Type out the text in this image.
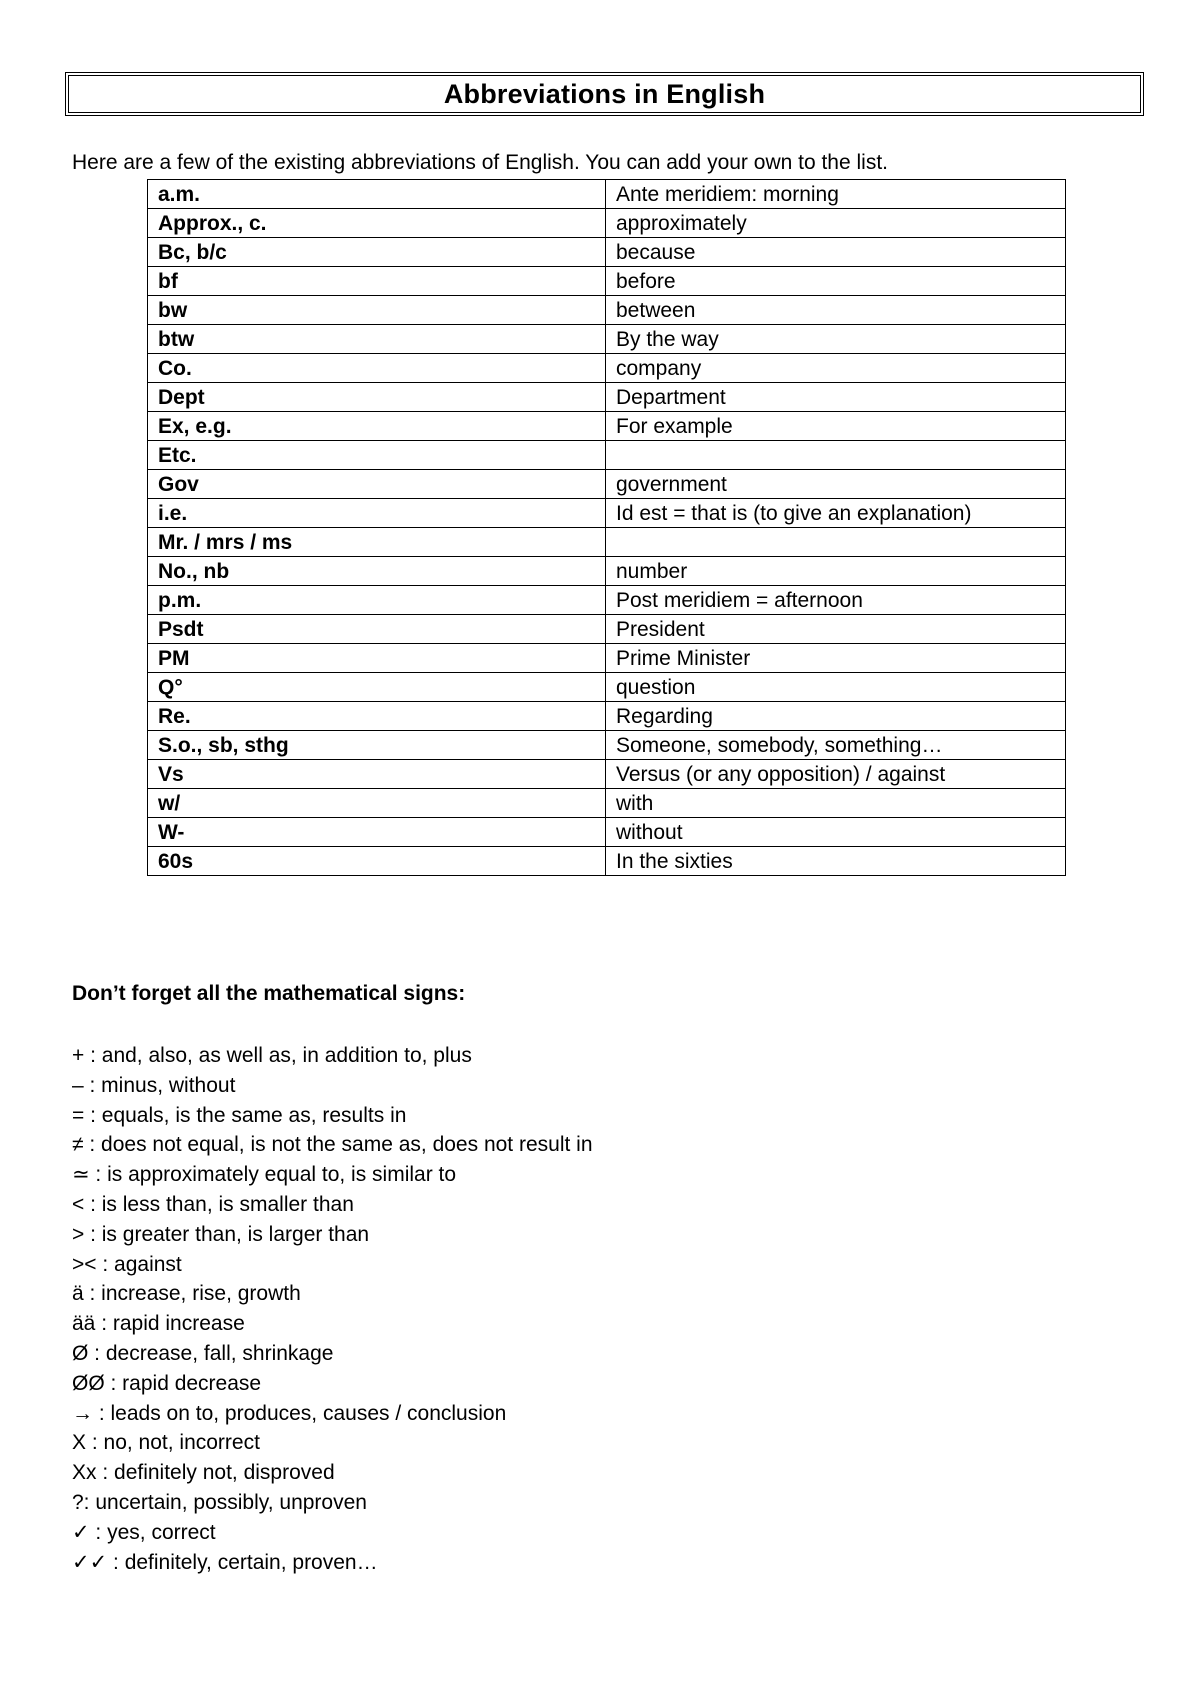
Abbreviations in English
Here are a few of the existing abbreviations of English. You can add your own to the list.
a.m.	Ante meridiem: morning
Approx., c.	approximately
Bc, b/c	because
bf	before
bw	between
btw	By the way
Co.	company
Dept	Department
Ex, e.g.	For example
Etc.	
Gov	government
i.e.	Id est = that is (to give an explanation)
Mr. / mrs / ms	
No., nb	number
p.m.	Post meridiem = afternoon
Psdt	President
PM	Prime Minister
Q°	question
Re.	Regarding
S.o., sb, sthg	Someone, somebody, something…
Vs	Versus (or any opposition) / against
w/	with
W-	without
60s	In the sixties
Don’t forget all the mathematical signs:
+ : and, also, as well as, in addition to, plus
– : minus, without
= : equals, is the same as, results in
≠ : does not equal, is not the same as, does not result in
≃ : is approximately equal to, is similar to
< : is less than, is smaller than
> : is greater than, is larger than
>< : against
ä : increase, rise, growth
ää : rapid increase
Ø : decrease, fall, shrinkage
ØØ : rapid decrease
→ : leads on to, produces, causes / conclusion
X : no, not, incorrect
Xx : definitely not, disproved
?: uncertain, possibly, unproven
✓ : yes, correct
✓✓ : definitely, certain, proven…
